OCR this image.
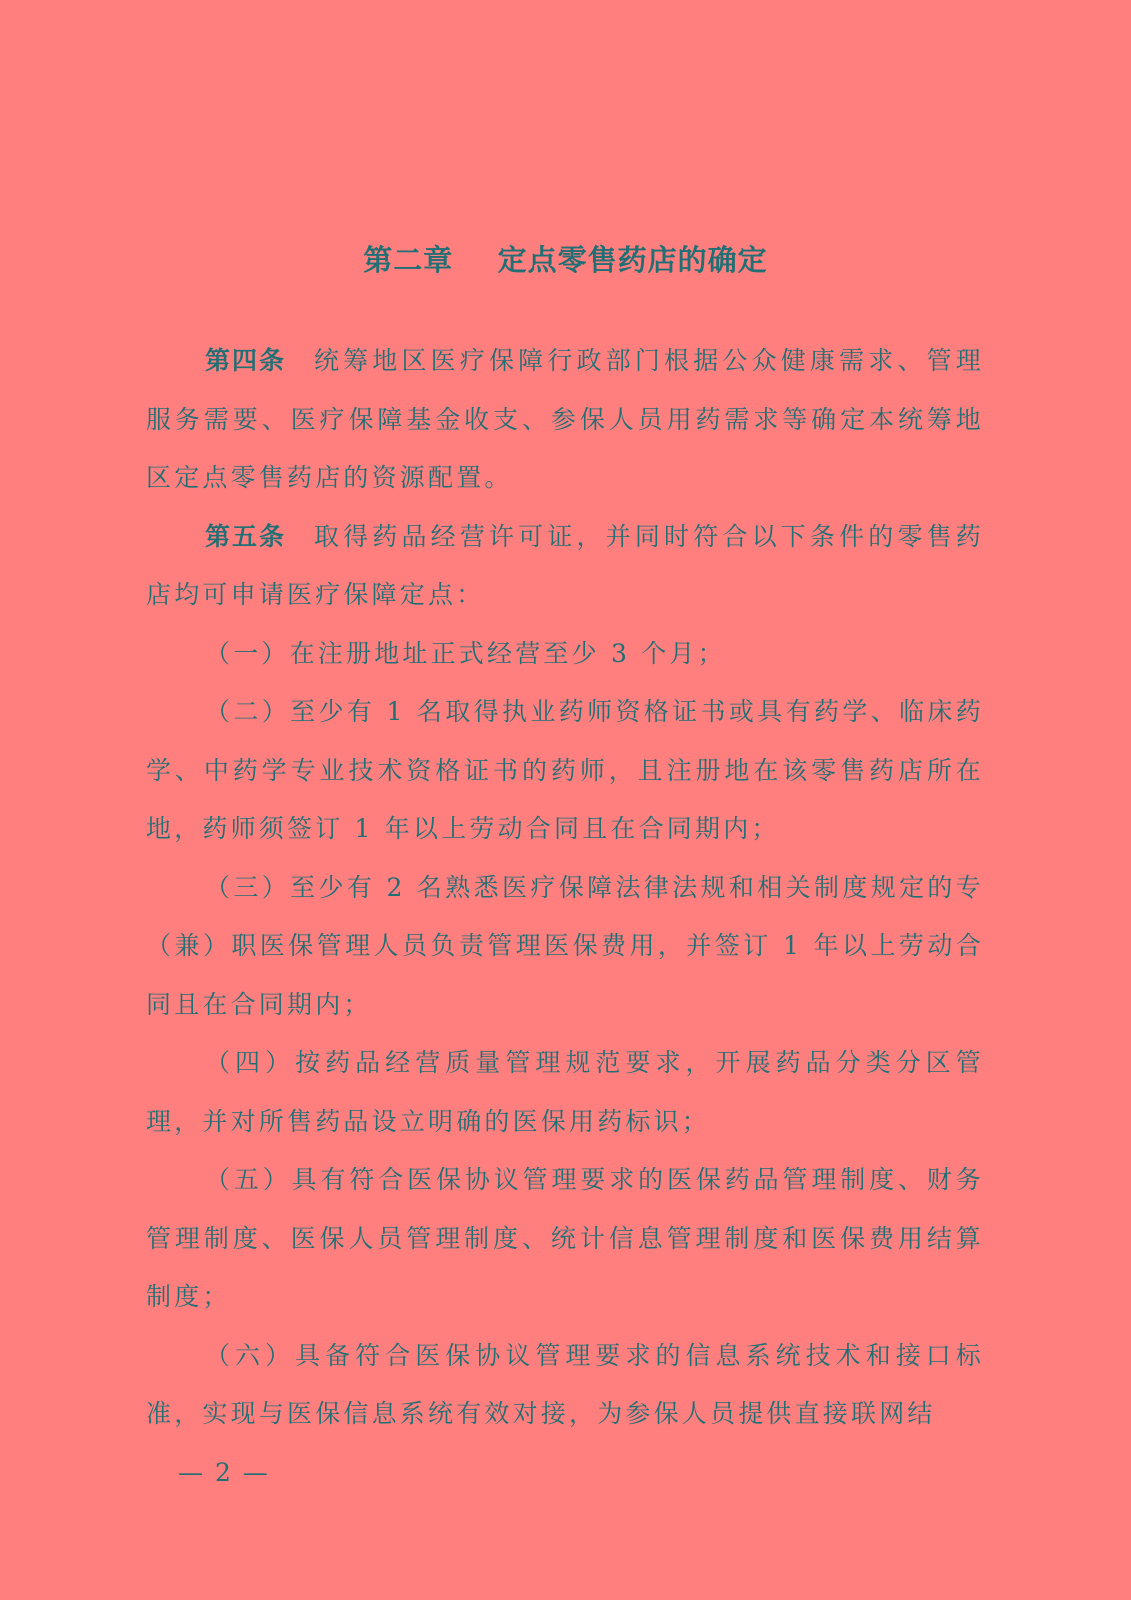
第二章    定点零售药店的确定

第四条 统筹地区医疗保障行政部门根据公众健康需求、管理服务需要、医疗保障基金收支、参保人员用药需求等确定本统筹地区定点零售药店的资源配置。

第五条 取得药品经营许可证，并同时符合以下条件的零售药店均可申请医疗保障定点：

（一）在注册地址正式经营至少 3 个月；

（二）至少有 1 名取得执业药师资格证书或具有药学、临床药学、中药学专业技术资格证书的药师，且注册地在该零售药店所在地，药师须签订 1 年以上劳动合同且在合同期内；

（三）至少有 2 名熟悉医疗保障法律法规和相关制度规定的专（兼）职医保管理人员负责管理医保费用，并签订 1 年以上劳动合同且在合同期内；

（四）按药品经营质量管理规范要求，开展药品分类分区管理，并对所售药品设立明确的医保用药标识；

（五）具有符合医保协议管理要求的医保药品管理制度、财务管理制度、医保人员管理制度、统计信息管理制度和医保费用结算制度；

（六）具备符合医保协议管理要求的信息系统技术和接口标准，实现与医保信息系统有效对接，为参保人员提供直接联网结

— 2 —
